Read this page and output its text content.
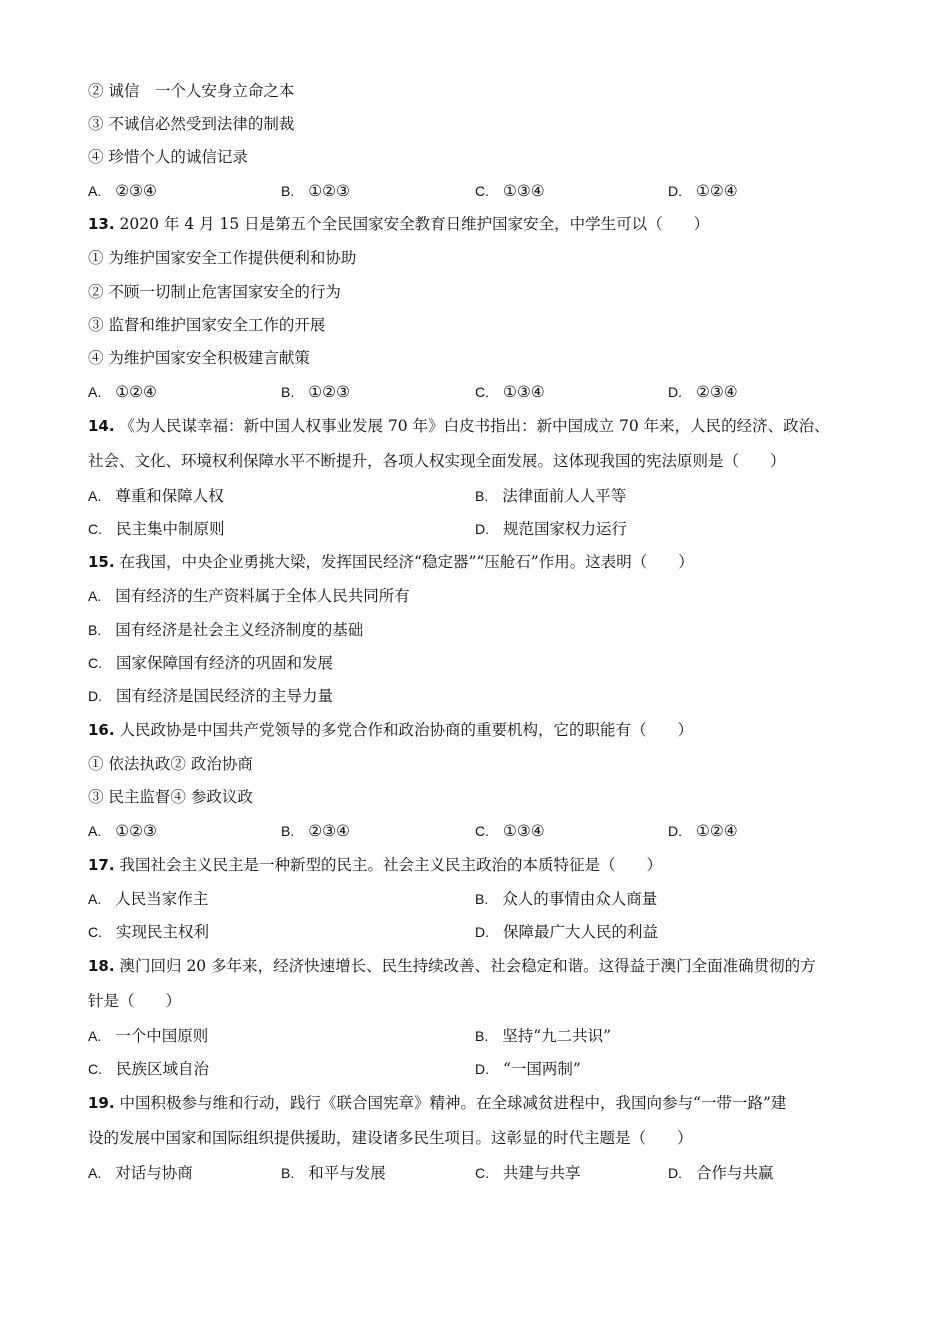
② 诚信　一个人安身立命之本
③ 不诚信必然受到法律的制裁
④ 珍惜个人的诚信记录
A. ②③④	B. ①②③	C. ①③④	D. ①②④
13. 2020 年 4 月 15 日是第五个全民国家安全教育日维护国家安全，中学生可以（　　）
① 为维护国家安全工作提供便利和协助
② 不顾一切制止危害国家安全的行为
③ 监督和维护国家安全工作的开展
④ 为维护国家安全积极建言献策
A. ①②④	B. ①②③	C. ①③④	D. ②③④
14. 《为人民谋幸福：新中国人权事业发展 70 年》白皮书指出：新中国成立 70 年来，人民的经济、政治、
社会、文化、环境权利保障水平不断提升，各项人权实现全面发展。这体现我国的宪法原则是（　　）
A. 尊重和保障人权	B. 法律面前人人平等
C. 民主集中制原则	D. 规范国家权力运行
15. 在我国，中央企业勇挑大梁，发挥国民经济“稳定器”“压舱石”作用。这表明（　　）
A. 国有经济的生产资料属于全体人民共同所有
B. 国有经济是社会主义经济制度的基础
C. 国家保障国有经济的巩固和发展
D. 国有经济是国民经济的主导力量
16. 人民政协是中国共产党领导的多党合作和政治协商的重要机构，它的职能有（　　）
① 依法执政② 政治协商
③ 民主监督④ 参政议政
A. ①②③	B. ②③④	C. ①③④	D. ①②④
17. 我国社会主义民主是一种新型的民主。社会主义民主政治的本质特征是（　　）
A. 人民当家作主	B. 众人的事情由众人商量
C. 实现民主权利	D. 保障最广大人民的利益
18. 澳门回归 20 多年来，经济快速增长、民生持续改善、社会稳定和谐。这得益于澳门全面准确贯彻的方
针是（　　）
A. 一个中国原则	B. 坚持“九二共识”
C. 民族区域自治	D. “一国两制”
19. 中国积极参与维和行动，践行《联合国宪章》精神。在全球减贫进程中，我国向参与“一带一路”建
设的发展中国家和国际组织提供援助，建设诸多民生项目。这彰显的时代主题是（　　）
A. 对话与协商	B. 和平与发展	C. 共建与共享	D. 合作与共赢
